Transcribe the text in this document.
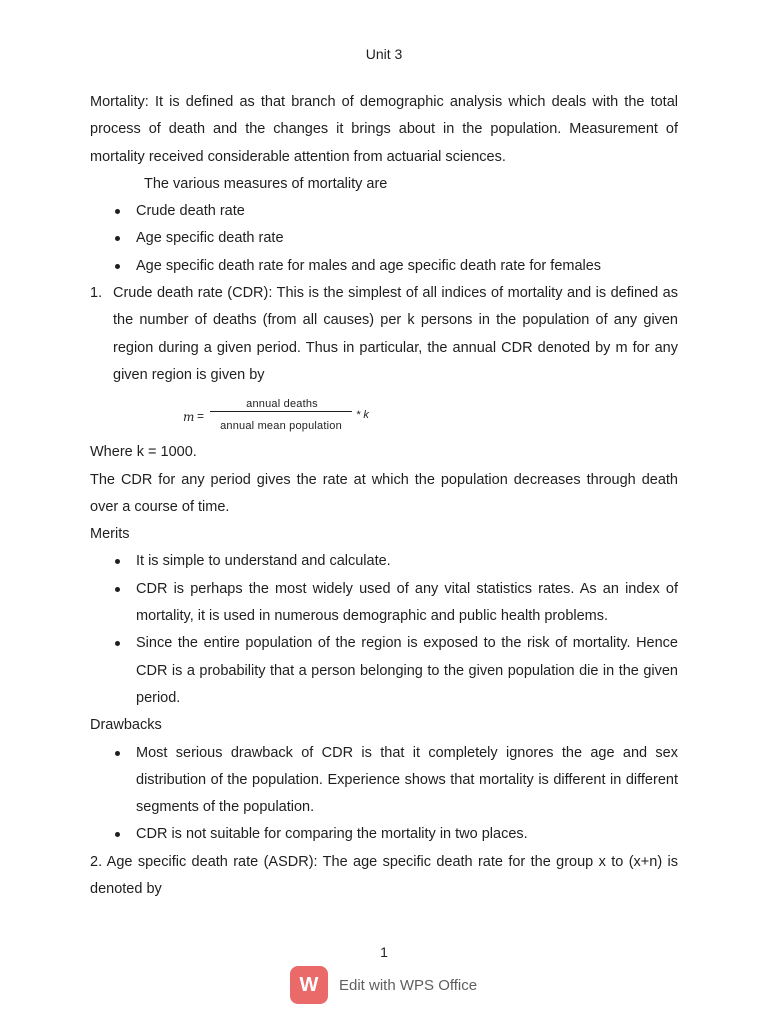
Unit 3

Mortality: It is defined as that branch of demographic analysis which deals with the total process of death and the changes it brings about in the population. Measurement of mortality received considerable attention from actuarial sciences.

The various measures of mortality are

Crude death rate
Age specific death rate
Age specific death rate for males and age specific death rate for females
1. Crude death rate (CDR): This is the simplest of all indices of mortality and is defined as the number of deaths (from all causes) per k persons in the population of any given region during a given period. Thus in particular, the annual CDR denoted by m for any given region is given by
m =
annual deaths
annual mean population
* k

Where k = 1000.

The CDR for any period gives the rate at which the population decreases through death over a course of time.

Merits

It is simple to understand and calculate.
CDR is perhaps the most widely used of any vital statistics rates. As an index of mortality, it is used in numerous demographic and public health problems.
Since the entire population of the region is exposed to the risk of mortality. Hence CDR is a probability that a person belonging to the given population die in the given period.

Drawbacks

Most serious drawback of CDR is that it completely ignores the age and sex distribution of the population. Experience shows that mortality is different in different segments of the population.
CDR is not suitable for comparing the mortality in two places.

2. Age specific death rate (ASDR): The age specific death rate for the group x to (x+n) is denoted by

1
W	Edit with WPS Office
